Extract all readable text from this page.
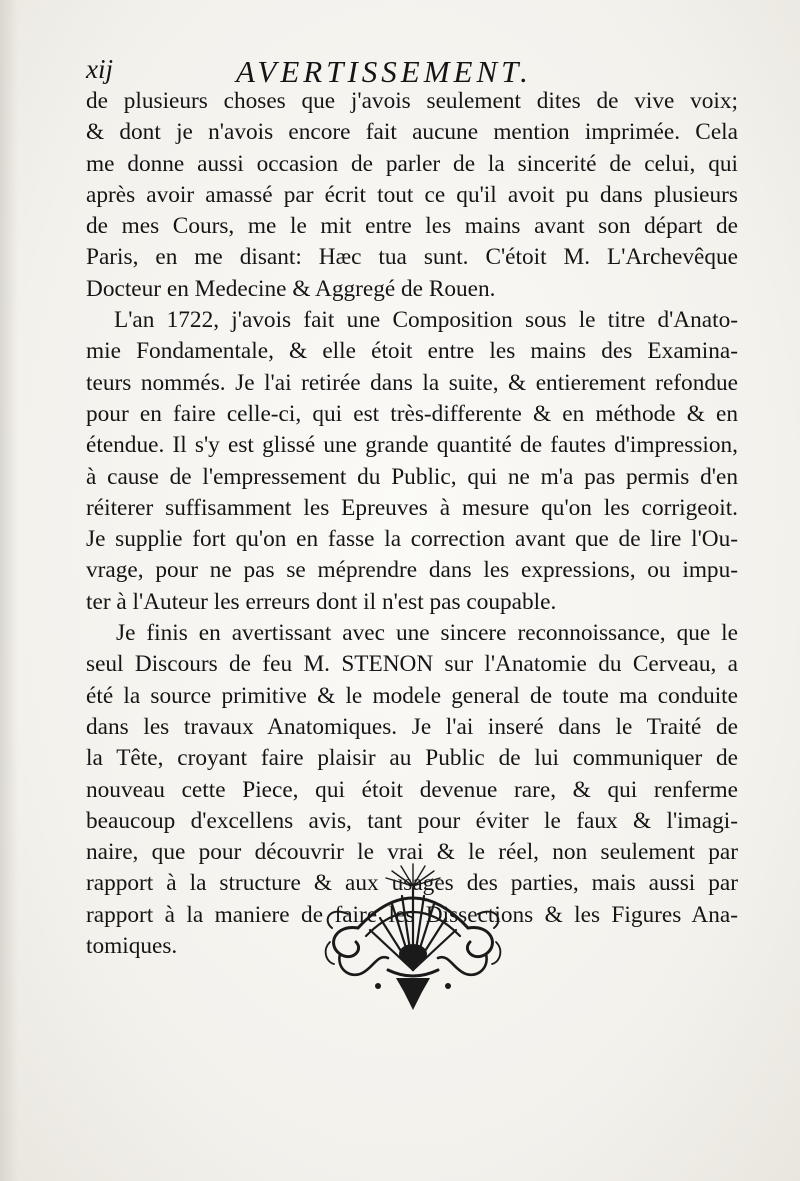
xij	AVERTISSEMENT.
de plusieurs choses que j'avois seulement dites de vive voix;
& dont je n'avois encore fait aucune mention imprimée. Cela
me donne aussi occasion de parler de la sincerité de celui, qui
après avoir amassé par écrit tout ce qu'il avoit pu dans plusieurs
de mes Cours, me le mit entre les mains avant son départ de
Paris, en me disant: Hæc tua sunt. C'étoit M. L'Archevêque
Docteur en Medecine & Aggregé de Rouen.
L'an 1722, j'avois fait une Composition sous le titre d'Anato-
mie Fondamentale, & elle étoit entre les mains des Examina-
teurs nommés. Je l'ai retirée dans la suite, & entierement refondue
pour en faire celle-ci, qui est très-differente & en méthode & en
étendue. Il s'y est glissé une grande quantité de fautes d'impression,
à cause de l'empressement du Public, qui ne m'a pas permis d'en
réiterer suffisamment les Epreuves à mesure qu'on les corrigeoit.
Je supplie fort qu'on en fasse la correction avant que de lire l'Ou-
vrage, pour ne pas se méprendre dans les expressions, ou impu-
ter à l'Auteur les erreurs dont il n'est pas coupable.
Je finis en avertissant avec une sincere reconnoissance, que le
seul Discours de feu M. STENON sur l'Anatomie du Cerveau, a
été la source primitive & le modele general de toute ma conduite
dans les travaux Anatomiques. Je l'ai inseré dans le Traité de
la Tête, croyant faire plaisir au Public de lui communiquer de
nouveau cette Piece, qui étoit devenue rare, & qui renferme
beaucoup d'excellens avis, tant pour éviter le faux & l'imagi-
naire, que pour découvrir le vrai & le réel, non seulement par
rapport à la structure & aux usages des parties, mais aussi par
rapport à la maniere de faire les Dissections & les Figures Ana-
tomiques.
